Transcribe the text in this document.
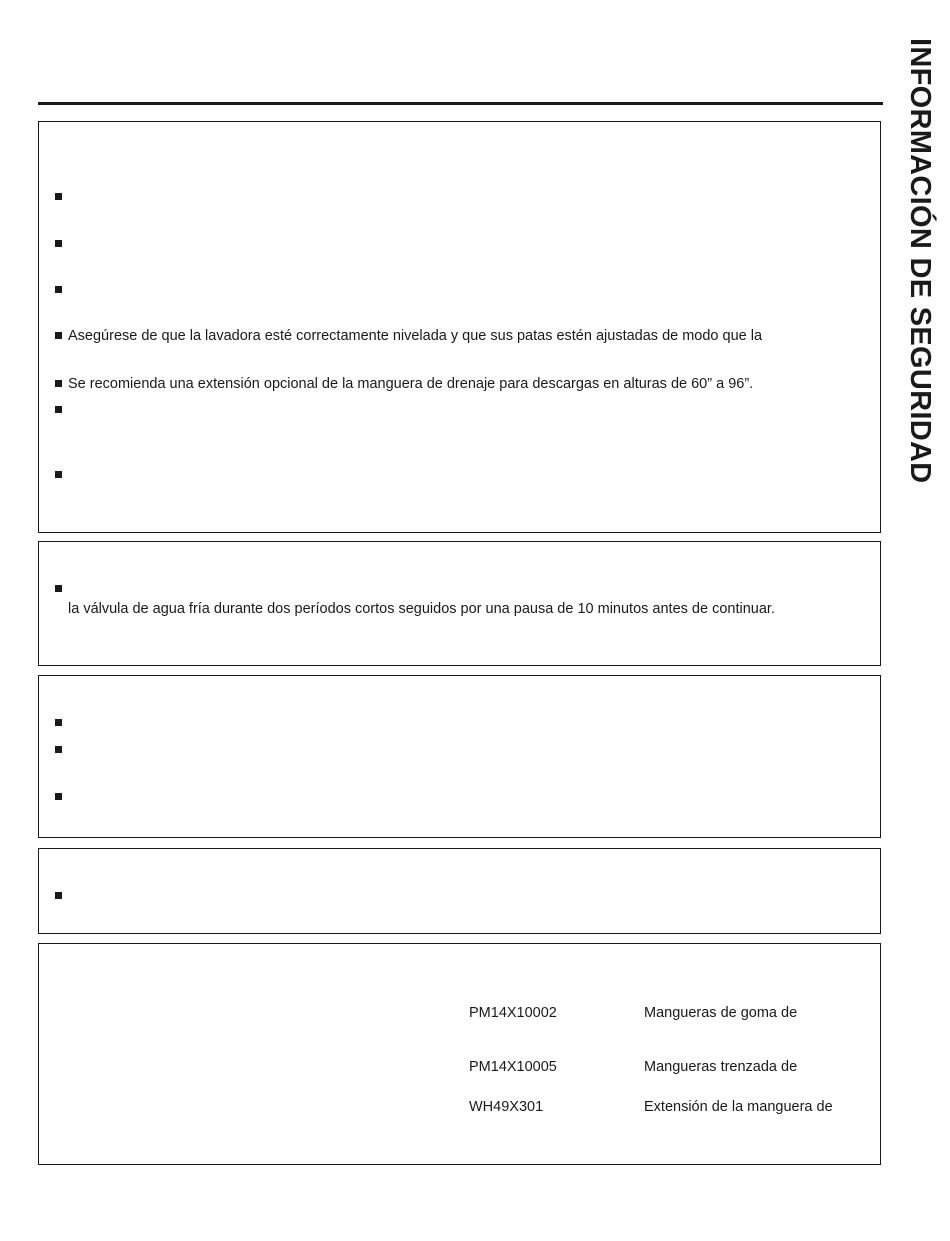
INFORMACIÓN DE SEGURIDAD
Asegúrese de que la lavadora esté correctamente nivelada y que sus patas estén ajustadas de modo que la
Se recomienda una extensión opcional de la manguera de drenaje para descargas en alturas de 60” a 96”.
la válvula de agua fría durante dos períodos cortos seguidos por una pausa de 10 minutos antes de continuar.
PM14X10002	Mangueras de goma de
PM14X10005	Mangueras trenzada de
WH49X301	Extensión de la manguera de
